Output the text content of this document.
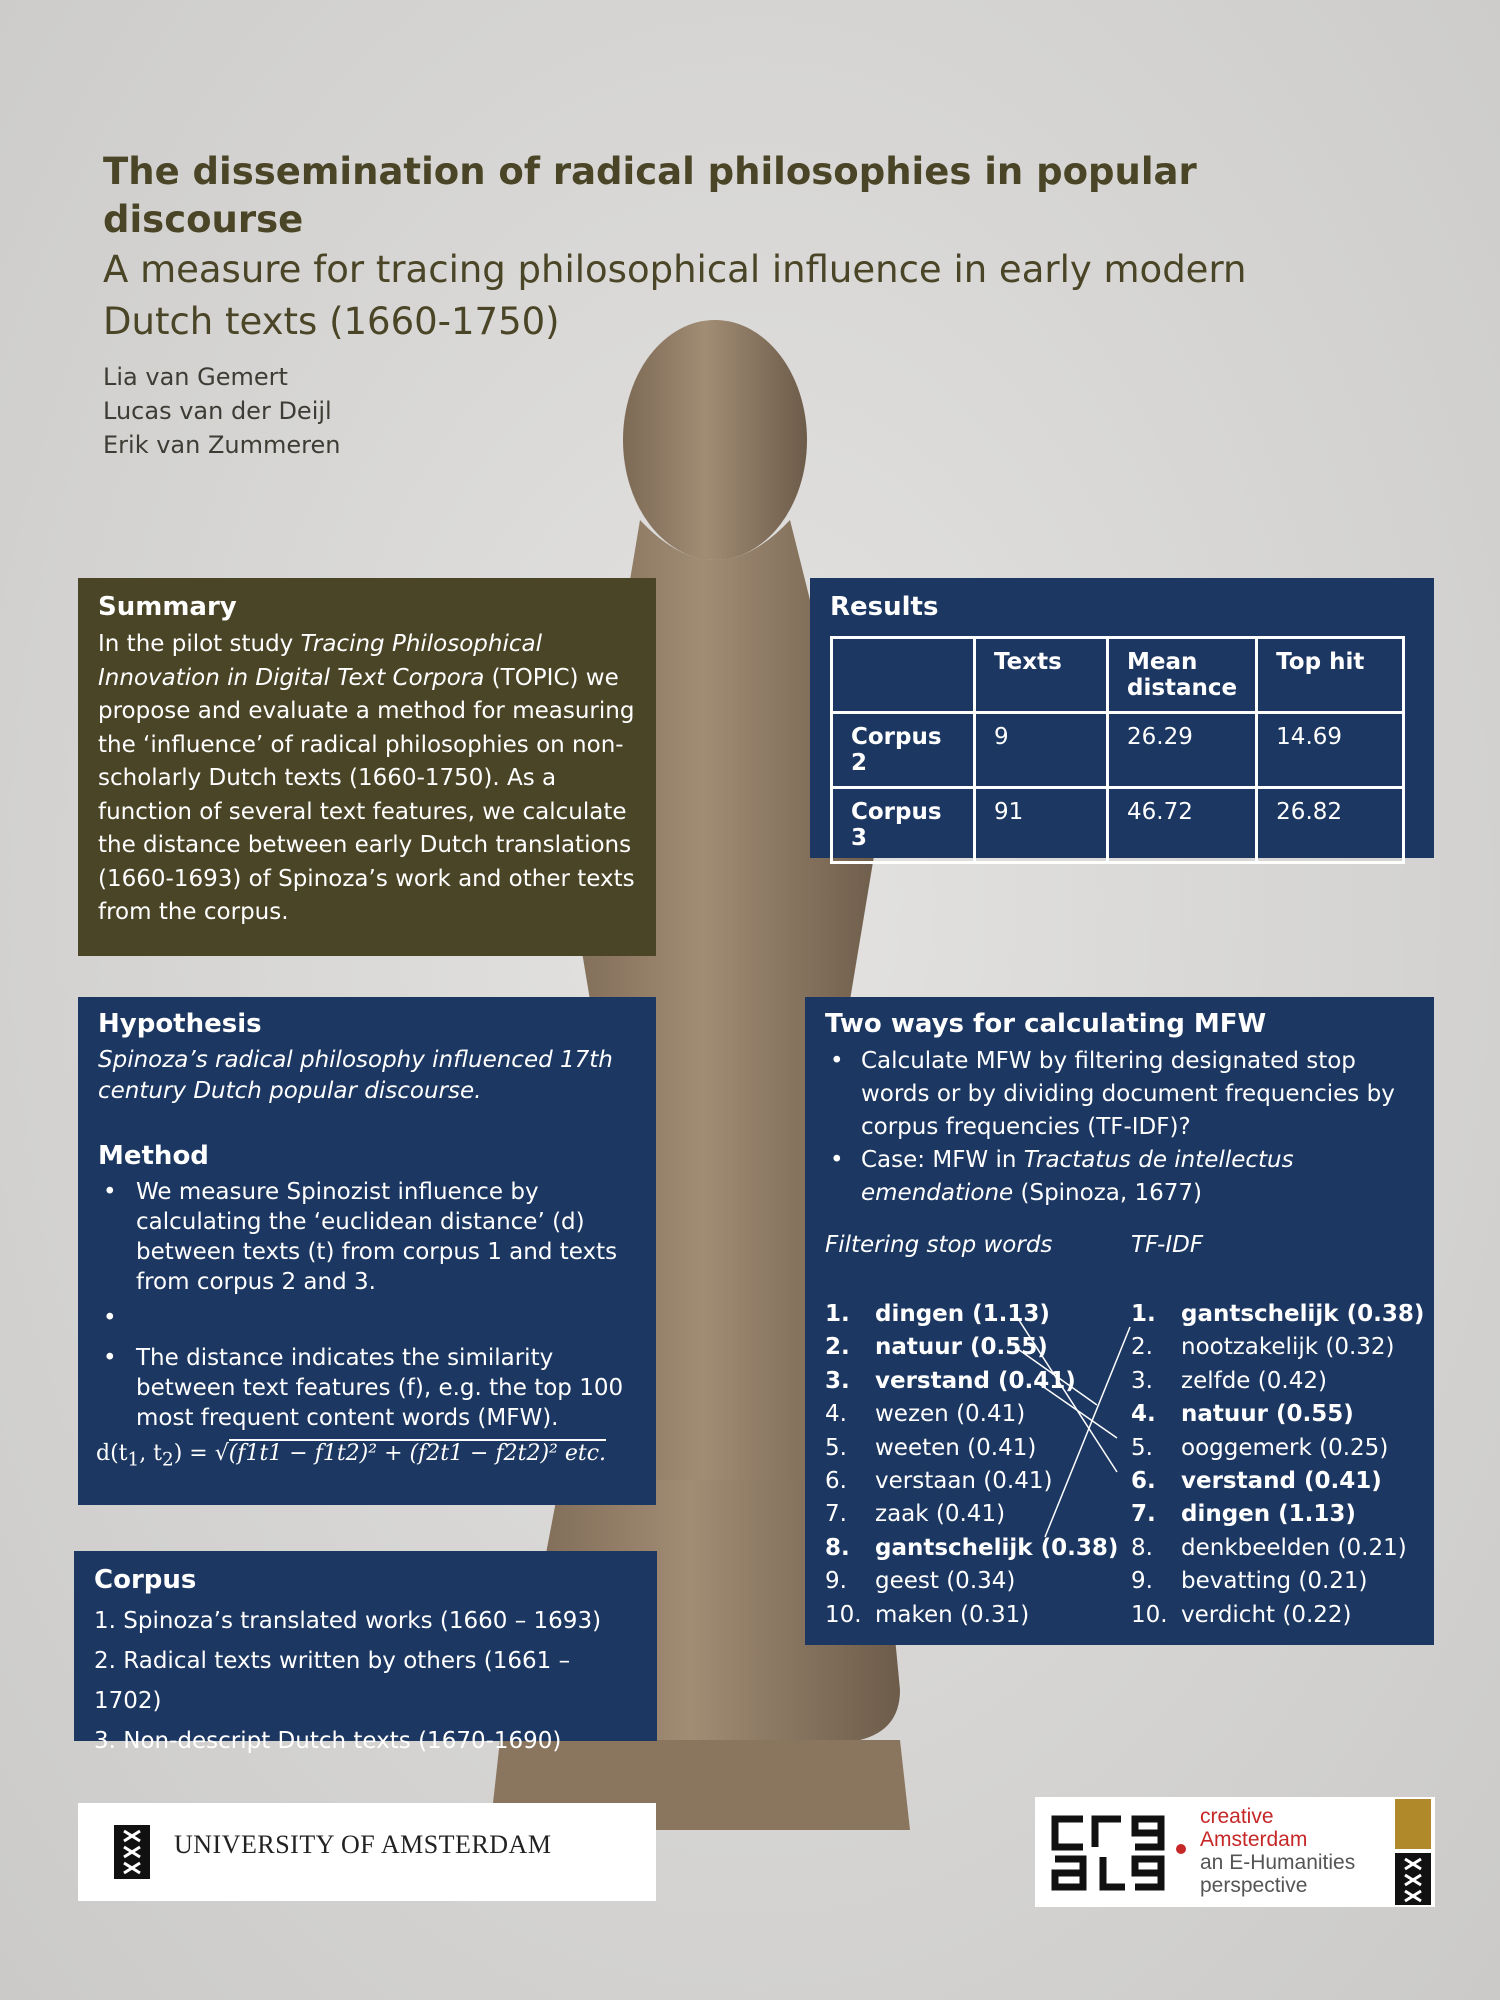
The dissemination of radical philosophies in popular discourse
A measure for tracing philosophical influence in early modern Dutch texts (1660-1750)
Lia van Gemert
Lucas van der Deijl
Erik van Zummeren
Summary

In the pilot study Tracing Philosophical Innovation in Digital Text Corpora (TOPIC) we propose and evaluate a method for measuring the ‘influence’ of radical philosophies on non-scholarly Dutch texts (1660-1750). As a function of several text features, we calculate the distance between early Dutch translations (1660-1693) of Spinoza’s work and other texts from the corpus.

Results
	Texts	Mean distance	Top hit
Corpus 2	9	26.29	14.69
Corpus 3	91	46.72	26.82
Hypothesis
Spinoza’s radical philosophy influenced 17th century Dutch popular discourse.
Method
• We measure Spinozist influence by calculating the ‘euclidean distance’ (d) between texts (t) from corpus 1 and texts from corpus 2 and 3.
•
• The distance indicates the similarity between text features (f), e.g. the top 100 most frequent content words (MFW).
$d(t_1$, $t_2) = √(f1t1 - f1t2)^2 + (f2t1 - f2t2)^2$ etc.
Corpus
1. Spinoza’s translated works (1660 – 1693)
2. Radical texts written by others (1661 – 1702)
3. Non-descript Dutch texts (1670-1690)
Two ways for calculating MFW
• Calculate MFW by filtering designated stop words or by dividing document frequencies by corpus frequencies (TF-IDF)?
• Case: MFW in Tractatus de intellectus emendatione (Spinoza, 1677)
Filtering stop words
1. dingen (1.13)
2. natuur (0.55)
3. verstand (0.41)
4. wezen (0.41)
5. weeten (0.41)
6. verstaan (0.41)
7. zaak (0.41)
8. gantschelijk (0.38)
9. geest (0.34)
10. maken (0.31)
TF-IDF
1. gantschelijk (0.38)
2. nootzakelijk (0.32)
3. zelfde (0.42)
4. natuur (0.55)
5. ooggemerk (0.25)
6. verstand (0.41)
7. dingen (1.13)
8. denkbeelden (0.21)
9. bevatting (0.21)
10. verdicht (0.22)
UNIVERSITY OF AMSTERDAM
creative
Amsterdam
an E-Humanities
perspective
